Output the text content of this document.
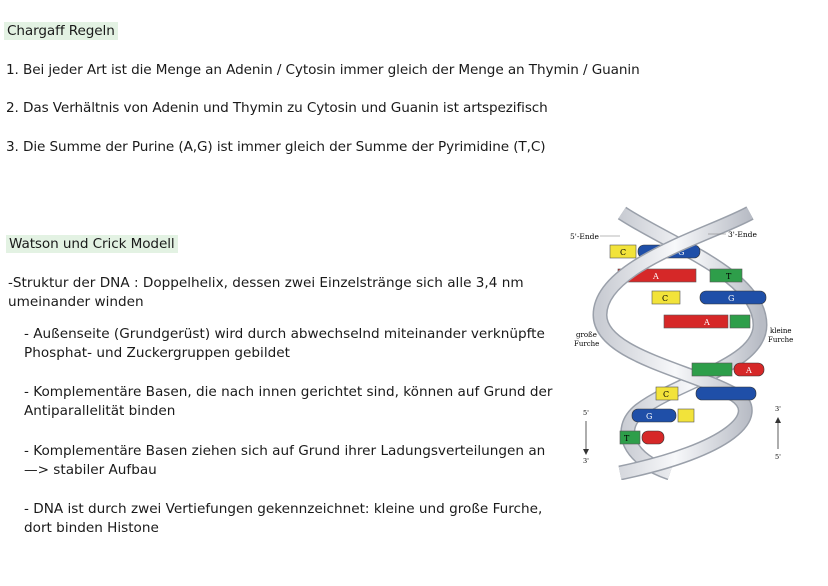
Chargaff Regeln
1. Bei jeder Art ist die Menge an Adenin / Cytosin immer gleich der Menge an Thymin / Guanin
2. Das Verhältnis von Adenin und Thymin zu Cytosin und Guanin ist artspezifisch
3. Die Summe der Purine (A,G) ist immer gleich der Summe der Pyrimidine (T,C)
Watson und Crick Modell
-Struktur der DNA : Doppelhelix, dessen zwei Einzelstränge sich alle 3,4 nm
umeinander winden
- Außenseite (Grundgerüst) wird durch abwechselnd miteinander verknüpfte
Phosphat- und Zuckergruppen gebildet
- Komplementäre Basen, die nach innen gerichtet sind, können auf Grund der
Antiparallelität binden
- Komplementäre Basen ziehen sich auf Grund ihrer Ladungsverteilungen an
—> stabiler Aufbau
- DNA ist durch zwei Vertiefungen gekennzeichnet: kleine und große Furche,
dort binden Histone
C	G
A	T
C	G
A
A
C
G
T
5'-Ende	3'-Ende
große
Furche
kleine
Furche
5'
3'
3'
5'
